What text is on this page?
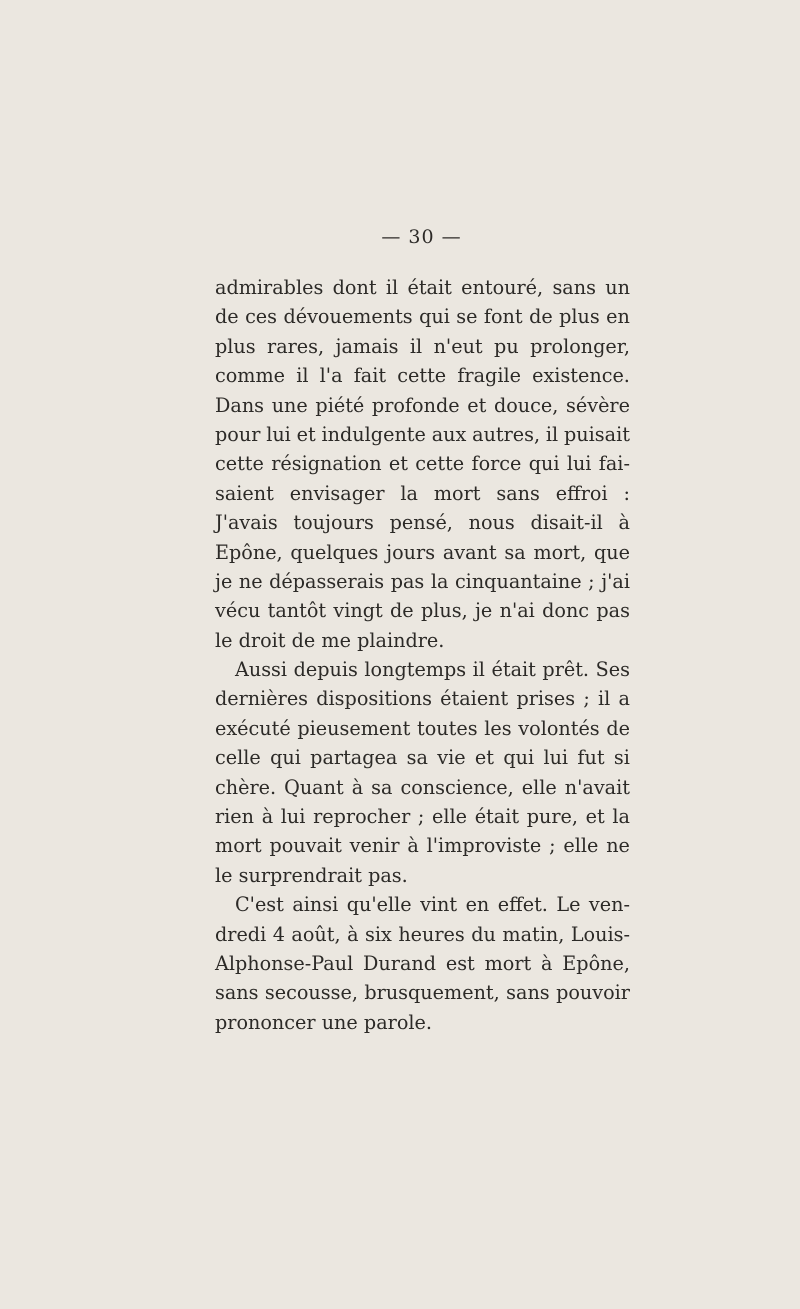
— 30 —
admirables dont il était entouré, sans un
de ces dévouements qui se font de plus en
plus rares, jamais il n'eut pu prolonger,
comme il l'a fait cette fragile existence.
Dans une piété profonde et douce, sévère
pour lui et indulgente aux autres, il puisait
cette résignation et cette force qui lui fai-
saient envisager la mort sans effroi :
J'avais toujours pensé, nous disait-il à
Epône, quelques jours avant sa mort, que
je ne dépasserais pas la cinquantaine ; j'ai
vécu tantôt vingt de plus, je n'ai donc pas
le droit de me plaindre.
Aussi depuis longtemps il était prêt. Ses
dernières dispositions étaient prises ; il a
exécuté pieusement toutes les volontés de
celle qui partagea sa vie et qui lui fut si
chère. Quant à sa conscience, elle n'avait
rien à lui reprocher ; elle était pure, et la
mort pouvait venir à l'improviste ; elle ne
le surprendrait pas.
C'est ainsi qu'elle vint en effet. Le ven-
dredi 4 août, à six heures du matin, Louis-
Alphonse-Paul Durand est mort à Epône,
sans secousse, brusquement, sans pouvoir
prononcer une parole.
